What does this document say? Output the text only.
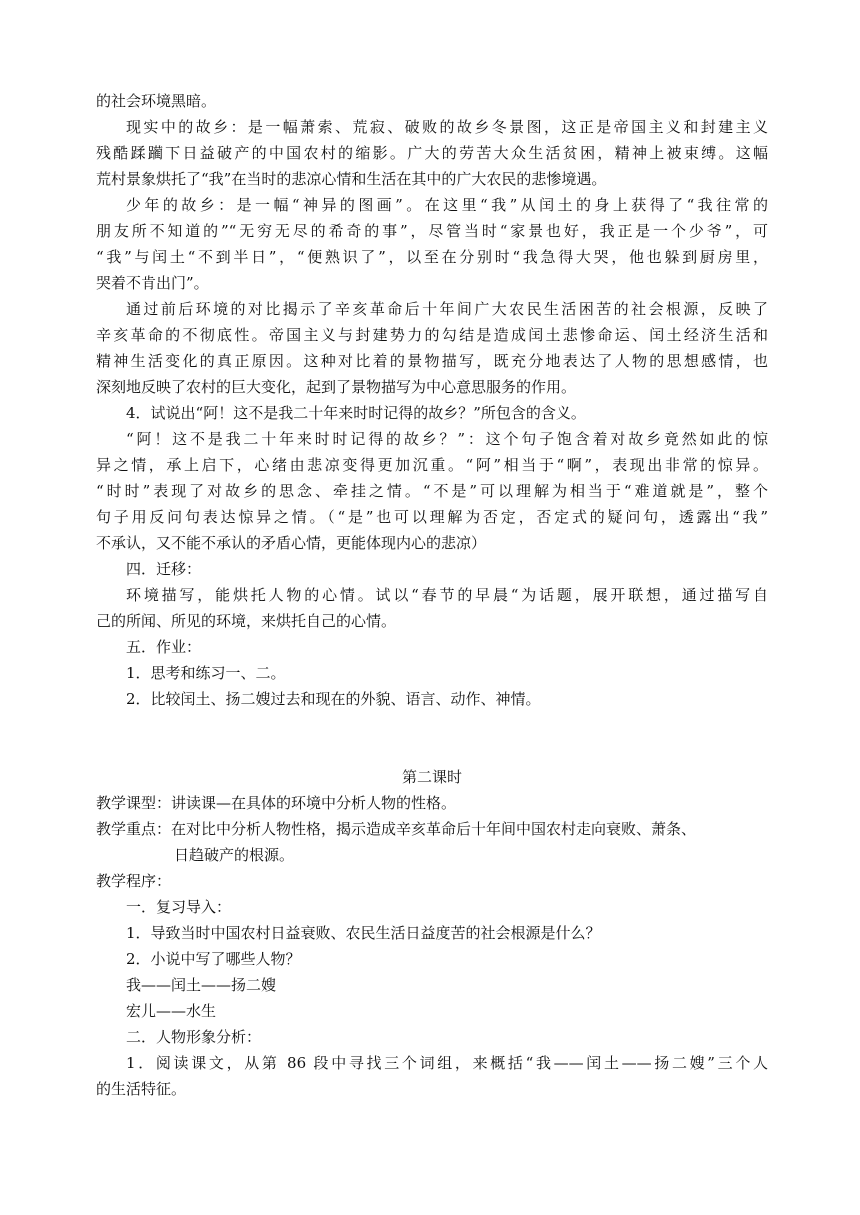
的社会环境黑暗。
现实中的故乡：是一幅萧索、荒寂、破败的故乡冬景图，这正是帝国主义和封建主义
残酷蹂躏下日益破产的中国农村的缩影。广大的劳苦大众生活贫困，精神上被束缚。这幅
荒村景象烘托了“我”在当时的悲凉心情和生活在其中的广大农民的悲惨境遇。
少年的故乡：是一幅“神异的图画”。在这里“我”从闰土的身上获得了“我往常的
朋友所不知道的”“无穷无尽的希奇的事”，尽管当时“家景也好，我正是一个少爷”，可
“我”与闰土“不到半日”，“便熟识了”，以至在分别时“我急得大哭，他也躲到厨房里，
哭着不肯出门”。
通过前后环境的对比揭示了辛亥革命后十年间广大农民生活困苦的社会根源，反映了
辛亥革命的不彻底性。帝国主义与封建势力的勾结是造成闰土悲惨命运、闰土经济生活和
精神生活变化的真正原因。这种对比着的景物描写，既充分地表达了人物的思想感情，也
深刻地反映了农村的巨大变化，起到了景物描写为中心意思服务的作用。
4．试说出“阿！这不是我二十年来时时记得的故乡？”所包含的含义。
“阿！这不是我二十年来时时记得的故乡？”：这个句子饱含着对故乡竟然如此的惊
异之情，承上启下，心绪由悲凉变得更加沉重。“阿”相当于“啊”，表现出非常的惊异。
“时时”表现了对故乡的思念、牵挂之情。“不是”可以理解为相当于“难道就是”，整个
句子用反问句表达惊异之情。（“是”也可以理解为否定，否定式的疑问句，透露出“我”
不承认，又不能不承认的矛盾心情，更能体现内心的悲凉）
四．迁移：
环境描写，能烘托人物的心情。试以“春节的早晨“为话题，展开联想，通过描写自
己的所闻、所见的环境，来烘托自己的心情。
五．作业：
1．思考和练习一、二。
2．比较闰土、扬二嫂过去和现在的外貌、语言、动作、神情。
第二课时
教学课型：讲读课—在具体的环境中分析人物的性格。
教学重点：在对比中分析人物性格，揭示造成辛亥革命后十年间中国农村走向衰败、萧条、
日趋破产的根源。
教学程序：
一．复习导入：
1．导致当时中国农村日益衰败、农民生活日益度苦的社会根源是什么？
2．小说中写了哪些人物？
我——闰土——扬二嫂
宏儿——水生
二．人物形象分析：
1．阅读课文，从第 86 段中寻找三个词组，来概括“我——闰土——扬二嫂”三个人
的生活特征。
